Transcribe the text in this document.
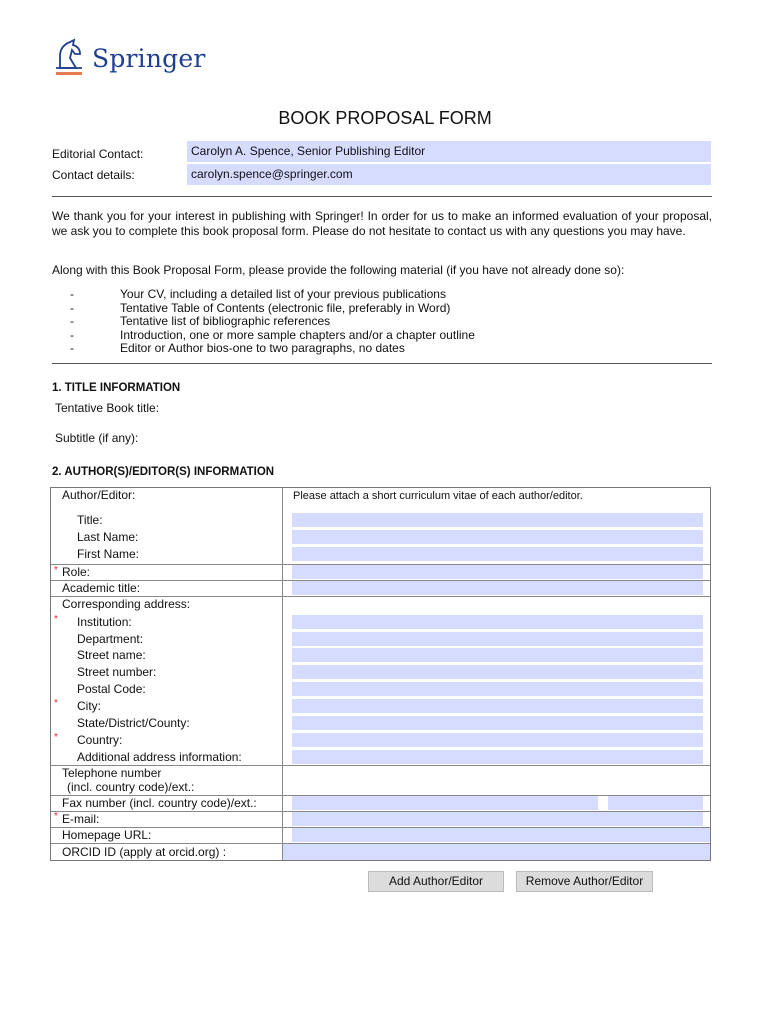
Springer
BOOK PROPOSAL FORM
Editorial Contact:	Carolyn A. Spence, Senior Publishing Editor
Contact details:	carolyn.spence@springer.com
We thank you for your interest in publishing with Springer! In order for us to make an informed evaluation of your proposal, we ask you to complete this book proposal form. Please do not hesitate to contact us with any questions you may have.
Along with this Book Proposal Form, please provide the following material (if you have not already done so):
-	Your CV, including a detailed list of your previous publications
-	Tentative Table of Contents (electronic file, preferably in Word)
-	Tentative list of bibliographic references
-	Introduction, one or more sample chapters and/or a chapter outline
-	Editor or Author bios-one to two paragraphs, no dates
1. TITLE INFORMATION
Tentative Book title:
Subtitle (if any):
2. AUTHOR(S)/EDITOR(S) INFORMATION
Author/Editor:	Please attach a short curriculum vitae of each author/editor.
Title:
Last Name:
First Name:
* Role:
Academic title:
Corresponding address:
* Institution:
Department:
Street name:
Street number:
Postal Code:
* City:
State/District/County:
* Country:
Additional address information:
Telephone number
(incl. country code)/ext.:
Fax number (incl. country code)/ext.:
* E-mail:
Homepage URL:
ORCID ID (apply at orcid.org) :
Add Author/Editor	Remove Author/Editor
